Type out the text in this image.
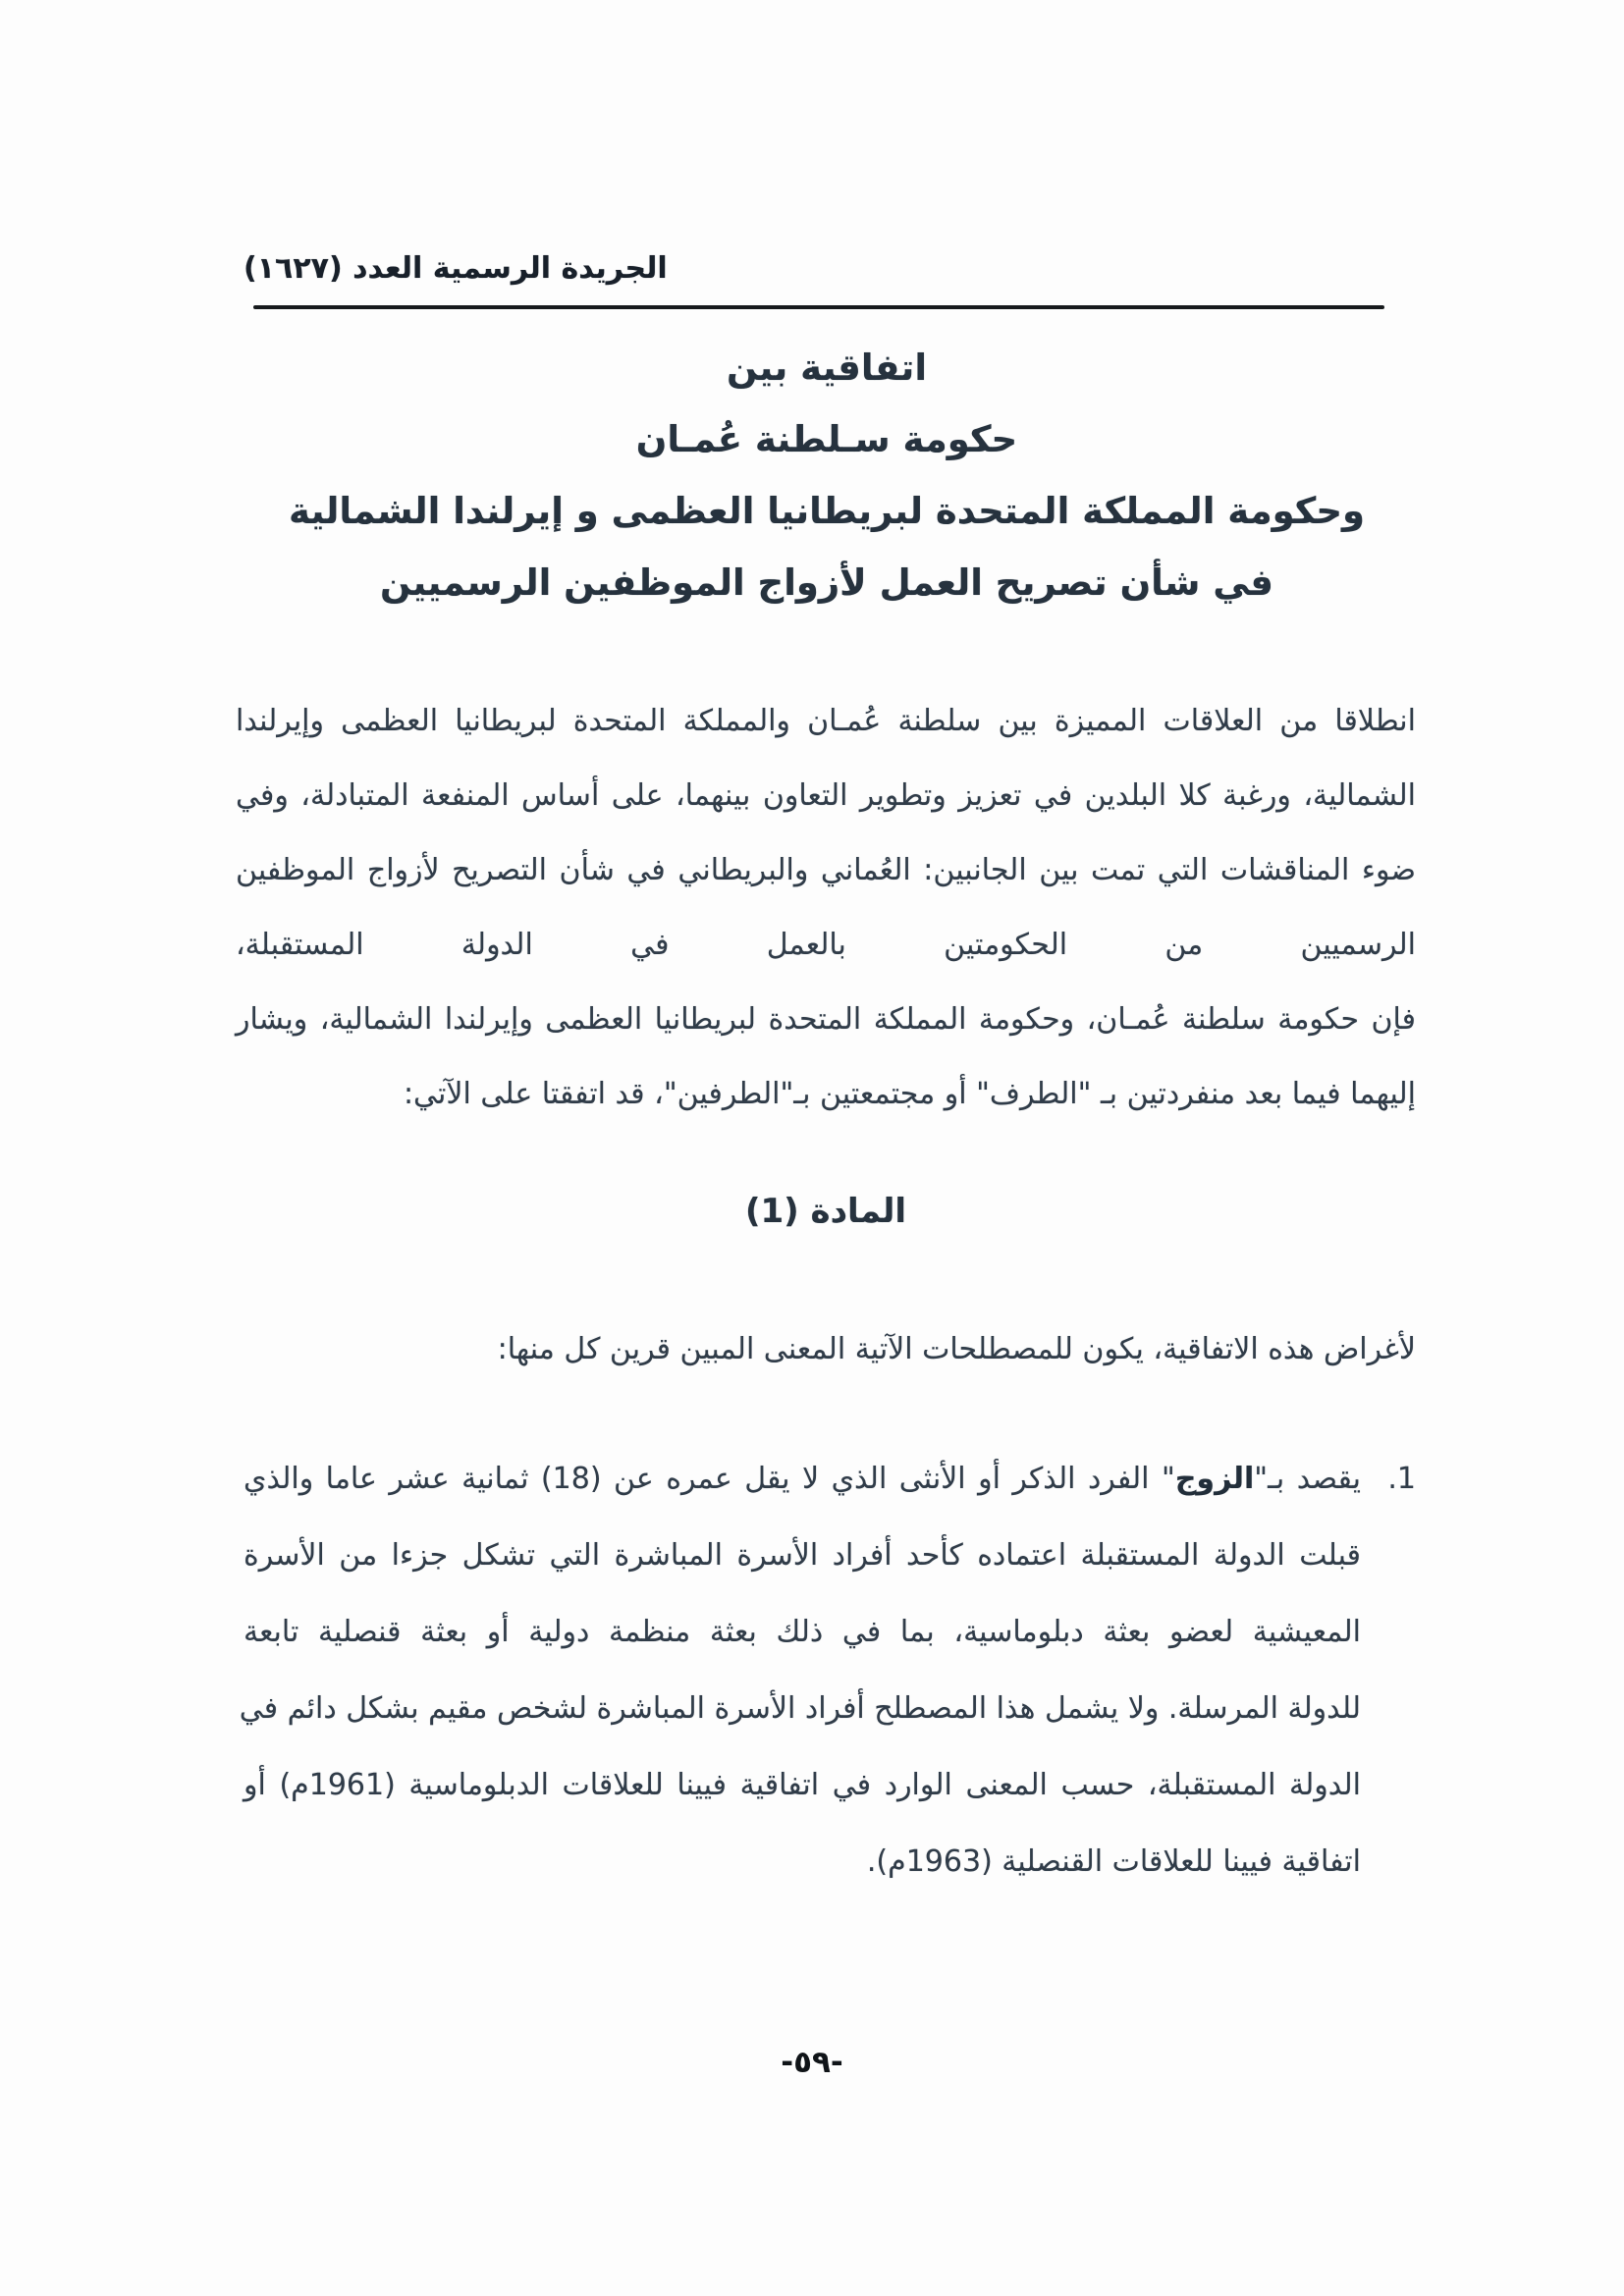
الجريدة الرسمية العدد (١٦٢٧)
اتفاقية بين
حكومة سـلطنة عُمـان
وحكومة المملكة المتحدة لبريطانيا العظمى و إيرلندا الشمالية
في شأن تصريح العمل لأزواج الموظفين الرسميين
انطلاقا من العلاقات المميزة بين سلطنة عُمـان والمملكة المتحدة لبريطانيا العظمى وإيرلندا
الشمالية، ورغبة كلا البلدين في تعزيز وتطوير التعاون بينهما، على أساس المنفعة المتبادلة، وفي
ضوء المناقشات التي تمت بين الجانبين: العُماني والبريطاني في شأن التصريح لأزواج الموظفين
الرسميين من الحكومتين بالعمل في الدولة المستقبلة،
فإن حكومة سلطنة عُمـان، وحكومة المملكة المتحدة لبريطانيا العظمى وإيرلندا الشمالية، ويشار
إليهما فيما بعد منفردتين بـ "الطرف" أو مجتمعتين بـ"الطرفين"، قد اتفقتا على الآتي:
المادة (1)
لأغراض هذه الاتفاقية، يكون للمصطلحات الآتية المعنى المبين قرين كل منها:
1.
يقصد بـ"الزوج" الفرد الذكر أو الأنثى الذي لا يقل عمره عن (18) ثمانية عشر عاما والذي
قبلت الدولة المستقبلة اعتماده كأحد أفراد الأسرة المباشرة التي تشكل جزءا من الأسرة
المعيشية لعضو بعثة دبلوماسية، بما في ذلك بعثة منظمة دولية أو بعثة قنصلية تابعة
للدولة المرسلة. ولا يشمل هذا المصطلح أفراد الأسرة المباشرة لشخص مقيم بشكل دائم في
الدولة المستقبلة، حسب المعنى الوارد في اتفاقية فيينا للعلاقات الدبلوماسية (1961م) أو
اتفاقية فيينا للعلاقات القنصلية (1963م).
-٥٩-
